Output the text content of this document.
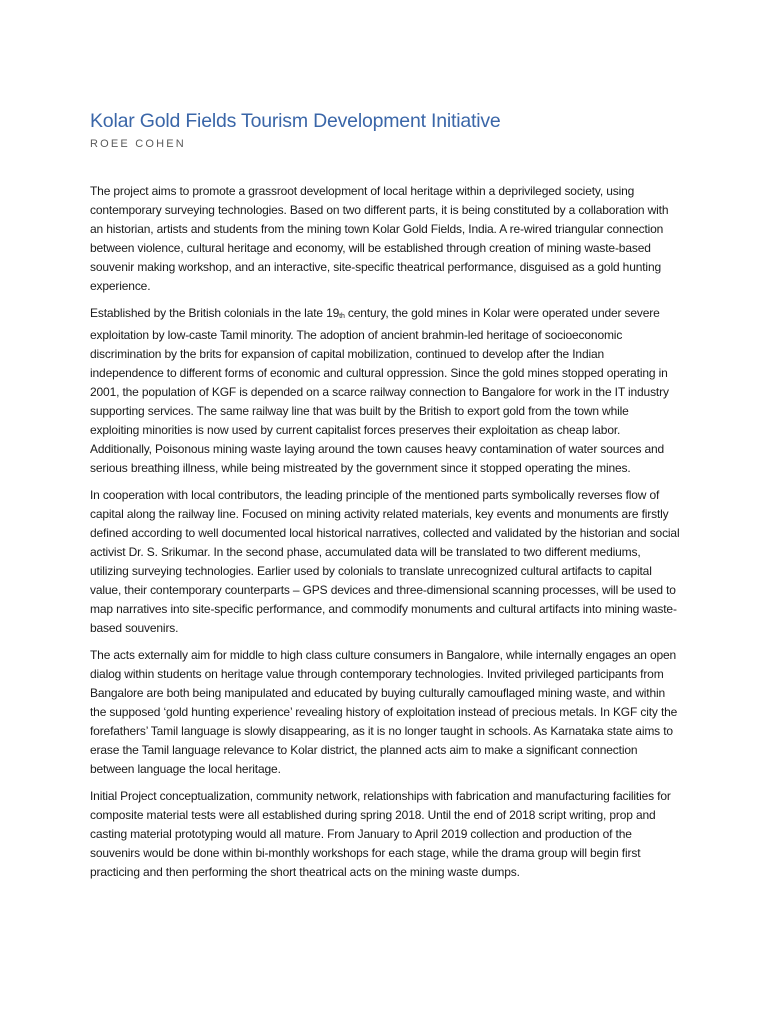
Kolar Gold Fields Tourism Development Initiative
ROEE COHEN

The project aims to promote a grassroot development of local heritage within a deprivileged society, using contemporary surveying technologies. Based on two different parts, it is being constituted by a collaboration with an historian, artists and students from the mining town Kolar Gold Fields, India. A re-wired triangular connection between violence, cultural heritage and economy, will be established through creation of mining waste-based souvenir making workshop, and an interactive, site-specific theatrical performance, disguised as a gold hunting experience.

Established by the British colonials in the late 19th century, the gold mines in Kolar were operated under severe exploitation by low-caste Tamil minority. The adoption of ancient brahmin-led heritage of socioeconomic discrimination by the brits for expansion of capital mobilization, continued to develop after the Indian independence to different forms of economic and cultural oppression. Since the gold mines stopped operating in 2001, the population of KGF is depended on a scarce railway connection to Bangalore for work in the IT industry supporting services. The same railway line that was built by the British to export gold from the town while exploiting minorities is now used by current capitalist forces preserves their exploitation as cheap labor. Additionally, Poisonous mining waste laying around the town causes heavy contamination of water sources and serious breathing illness, while being mistreated by the government since it stopped operating the mines.

In cooperation with local contributors, the leading principle of the mentioned parts symbolically reverses flow of capital along the railway line. Focused on mining activity related materials, key events and monuments are firstly defined according to well documented local historical narratives, collected and validated by the historian and social activist Dr. S. Srikumar. In the second phase, accumulated data will be translated to two different mediums, utilizing surveying technologies. Earlier used by colonials to translate unrecognized cultural artifacts to capital value, their contemporary counterparts – GPS devices and three-dimensional scanning processes, will be used to map narratives into site-specific performance, and commodify monuments and cultural artifacts into mining waste-based souvenirs.

The acts externally aim for middle to high class culture consumers in Bangalore, while internally engages an open dialog within students on heritage value through contemporary technologies. Invited privileged participants from Bangalore are both being manipulated and educated by buying culturally camouflaged mining waste, and within the supposed ‘gold hunting experience’ revealing history of exploitation instead of precious metals. In KGF city the forefathers’ Tamil language is slowly disappearing, as it is no longer taught in schools. As Karnataka state aims to erase the Tamil language relevance to Kolar district, the planned acts aim to make a significant connection between language the local heritage.

Initial Project conceptualization, community network, relationships with fabrication and manufacturing facilities for composite material tests were all established during spring 2018. Until the end of 2018 script writing, prop and casting material prototyping would all mature. From January to April 2019 collection and production of the souvenirs would be done within bi-monthly workshops for each stage, while the drama group will begin first practicing and then performing the short theatrical acts on the mining waste dumps.
